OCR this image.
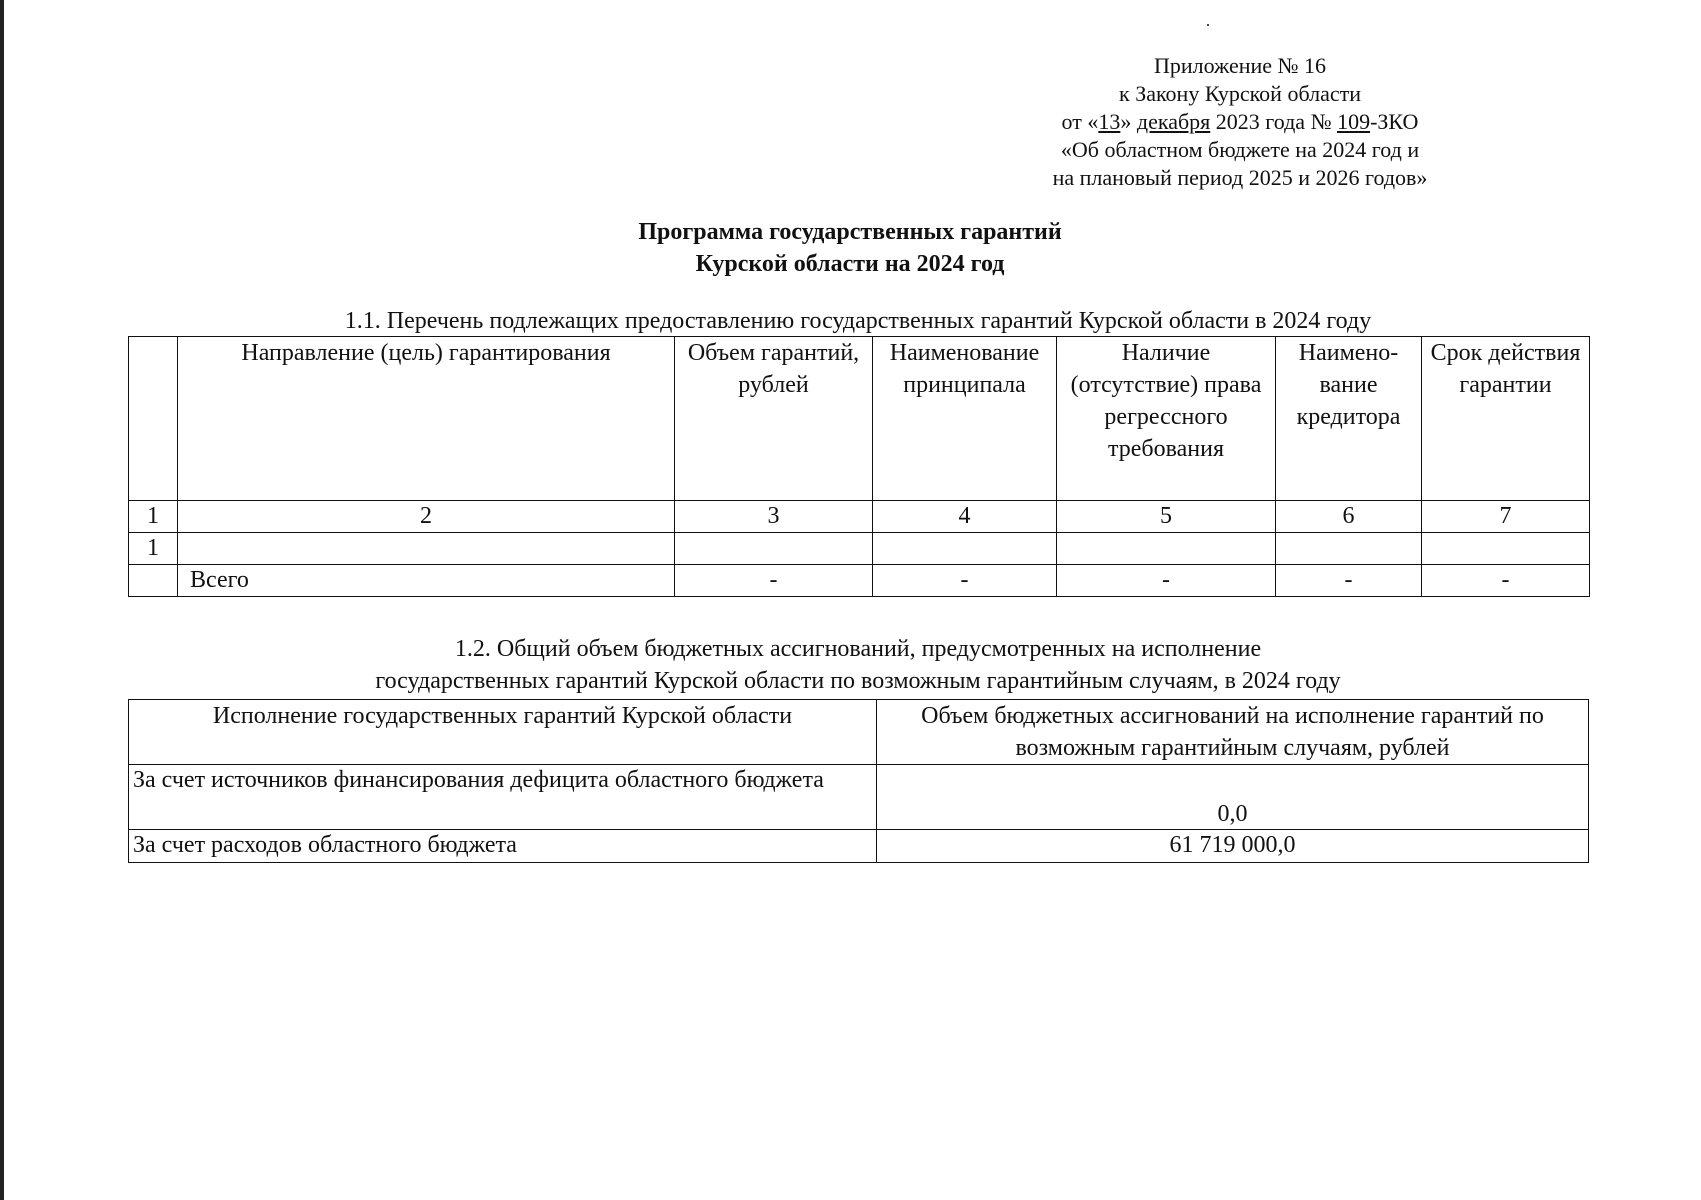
Приложение № 16
к Закону Курской области
от «13» декабря 2023 года № 109-ЗКО
«Об областном бюджете на 2024 год и
на плановый период 2025 и 2026 годов»
Программа государственных гарантий
Курской области на 2024 год
1.1. Перечень подлежащих предоставлению государственных гарантий Курской области в 2024 году
	Направление (цель) гарантирования	Объем гарантий, рублей	Наименование принципала	Наличие (отсутствие) права регрессного требования	Наимено-вание кредитора	Срок действия гарантии
1	2	3	4	5	6	7
1						
	Всего	-	-	-	-	-
1.2. Общий объем бюджетных ассигнований, предусмотренных на исполнение
государственных гарантий Курской области по возможным гарантийным случаям, в 2024 году
Исполнение государственных гарантий Курской области	Объем бюджетных ассигнований на исполнение гарантий по возможным гарантийным случаям, рублей
За счет источников финансирования дефицита областного бюджета	0,0
За счет расходов областного бюджета	61 719 000,0
